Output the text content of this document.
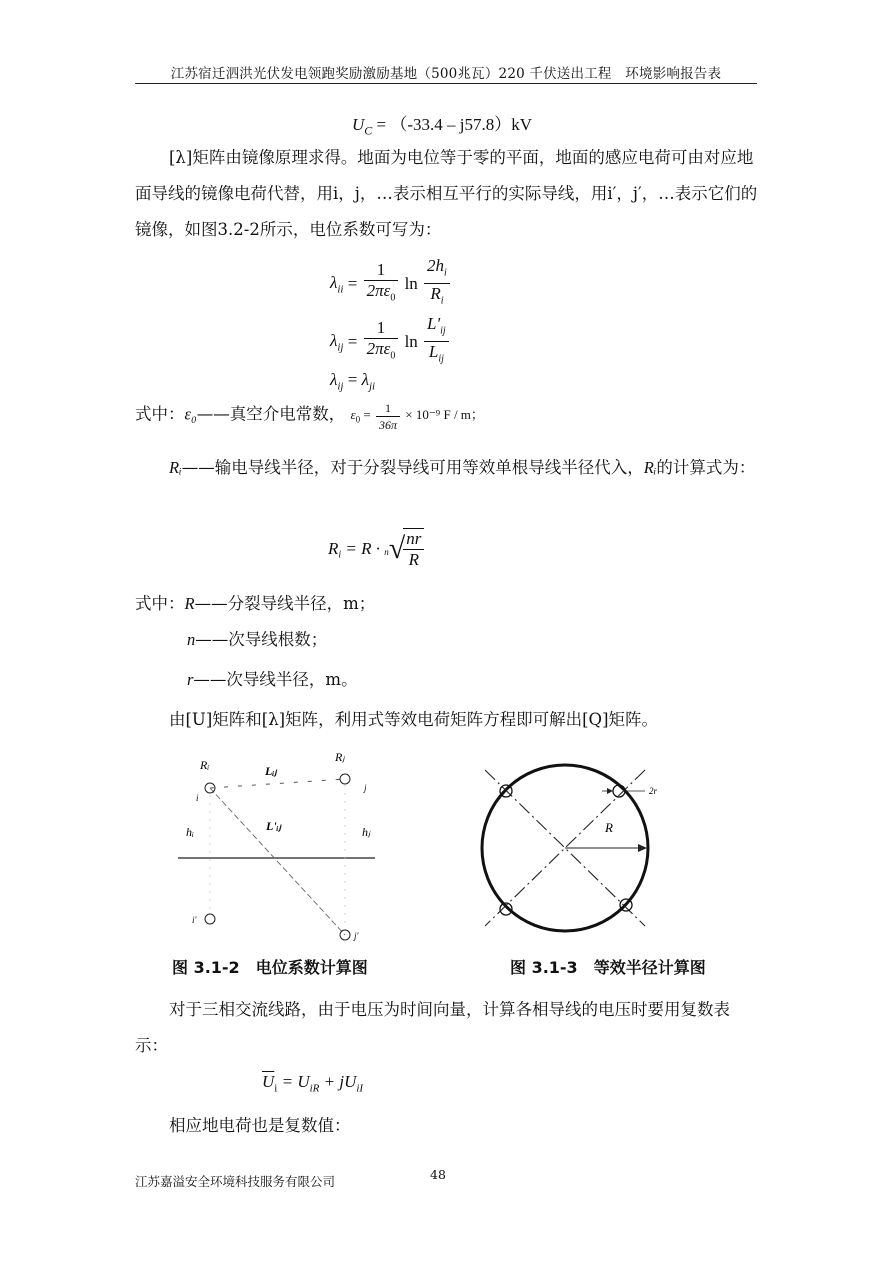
江苏宿迁泗洪光伏发电领跑奖励激励基地（500兆瓦）220 千伏送出工程　环境影响报告表
$U_C = (-33.4 - j57.8)kV$
[λ]矩阵由镜像原理求得。地面为电位等于零的平面，地面的感应电荷可由对应地面导线的镜像电荷代替，用i，j，…表示相互平行的实际导线，用i′，j′，…表示它们的镜像，如图3.2-2所示，电位系数可写为：
$\lambda_{ii} = \frac{1}{2\pi\varepsilon_0}$ $\ln \frac{2h_i}{R_i}$
$\lambda_{ij} = \frac{1}{2\pi\varepsilon_0}$ $\ln \frac{L'_{ij}}{L_{ij}}$
$\lambda_{ij} = \lambda_{ji}$
式中：ε₀——真空介电常数， $\varepsilon_0 = \frac{1}{36\pi} \times 10^{-9}$ F / m；
Rᵢ——输电导线半径，对于分裂导线可用等效单根导线半径代入，Rᵢ的计算式为：
$R_i = R \cdot ^n√$
$\frac{nr}{R}$
式中：R——分裂导线半径，m；
n——次导线根数；
r——次导线半径，m。
由[U]矩阵和[λ]矩阵，利用式等效电荷矩阵方程即可解出[Q]矩阵。
Rᵢ
Rⱼ
Lᵢⱼ
L'ᵢⱼ
hᵢ	hⱼ
i
j
i'
j'
图 3.1-2　电位系数计算图
2r
R
图 3.1-3　等效半径计算图
对于三相交流线路，由于电压为时间向量，计算各相导线的电压时要用复数表示：
$\overline{U}_i = U_{iR} + jU_{iI}$
相应地电荷也是复数值：
江苏嘉溢安全环境科技服务有限公司	48
